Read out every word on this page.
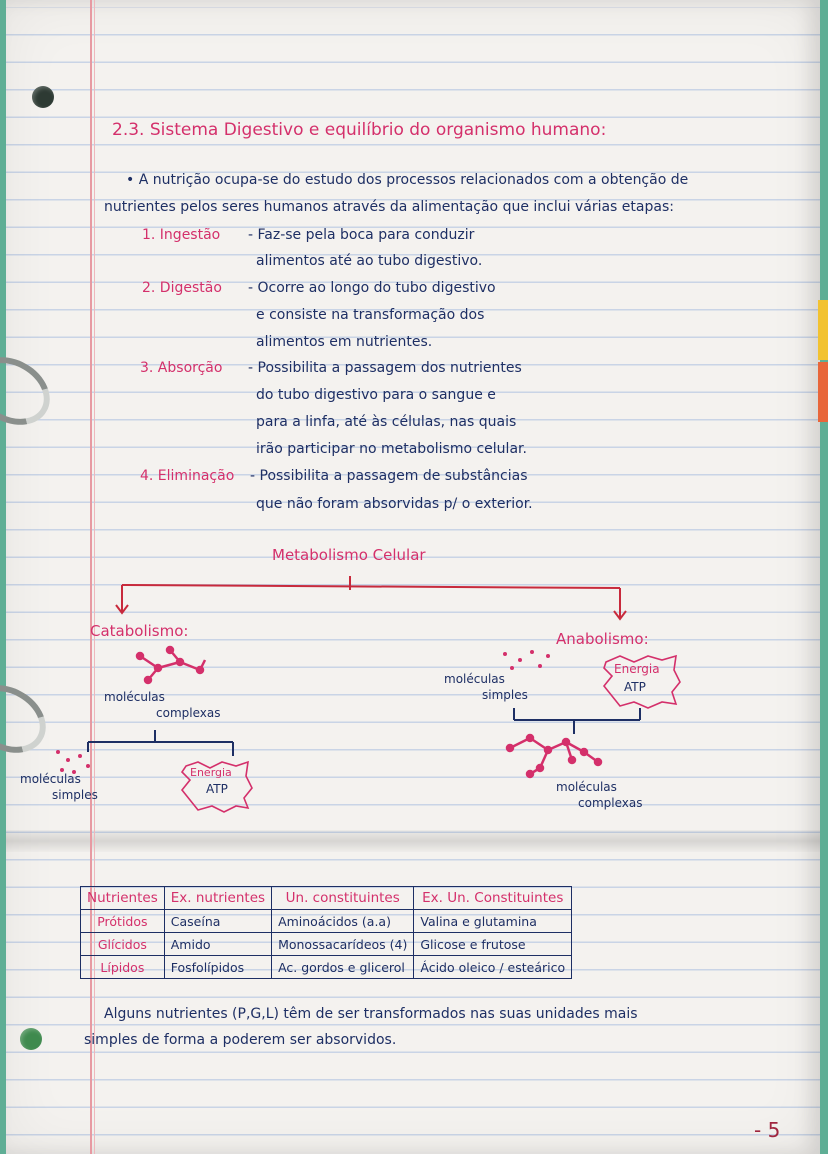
2.3. Sistema Digestivo e equilíbrio do organismo humano:
• A nutrição ocupa-se do estudo dos processos relacionados com a obtenção de
nutrientes pelos seres humanos através da alimentação que inclui várias etapas:
1. Ingestão - Faz-se pela boca para conduzir
alimentos até ao tubo digestivo.
2. Digestão - Ocorre ao longo do tubo digestivo
e consiste na transformação dos
alimentos em nutrientes.
3. Absorção - Possibilita a passagem dos nutrientes
do tubo digestivo para o sangue e
para a linfa, até às células, nas quais
irão participar no metabolismo celular.
4. Eliminação - Possibilita a passagem de substâncias
que não foram absorvidas p/ o exterior.
Metabolismo Celular
Catabolismo:
moléculas
complexas
moléculas
simples
Energia
ATP
Anabolismo:
moléculas
simples
Energia
ATP
moléculas
complexas
Nutrientes	Ex. nutrientes	Un. constituintes	Ex. Un. Constituintes
Prótidos	Caseína	Aminoácidos (a.a)	Valina e glutamina
Glícidos	Amido	Monossacarídeos (4)	Glicose e frutose
Lípidos	Fosfolípidos	Ac. gordos e glicerol	Ácido oleico / esteárico
Alguns nutrientes (P,G,L) têm de ser transformados nas suas unidades mais
simples de forma a poderem ser absorvidos.
- 5
